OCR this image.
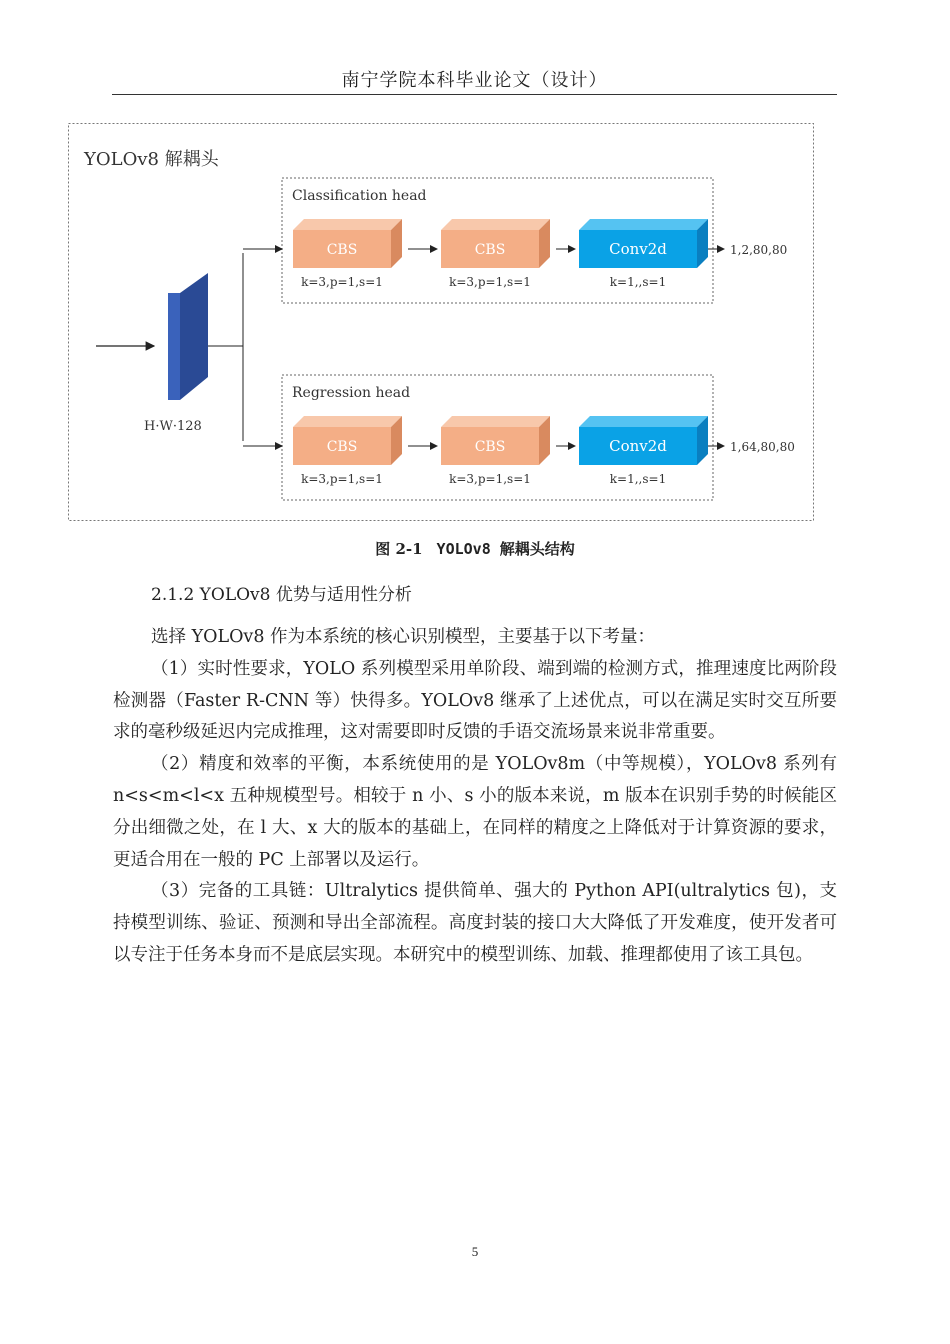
南宁学院本科毕业论文（设计）
YOLOv8 解耦头
H·W·128
Classification head
CBS
k=3,p=1,s=1
CBS
k=3,p=1,s=1
Conv2d
k=1,,s=1
1,2,80,80
Regression head
CBS
k=3,p=1,s=1
CBS
k=3,p=1,s=1
Conv2d
k=1,,s=1
1,64,80,80
图 2-1 YOLOv8 解耦头结构
2.1.2 YOLOv8 优势与适用性分析

选择 YOLOv8 作为本系统的核心识别模型，主要基于以下考量：

（1）实时性要求，YOLO 系列模型采用单阶段、端到端的检测方式，推理速度比两阶段检测器（Faster R-CNN 等）快得多。YOLOv8 继承了上述优点，可以在满足实时交互所要求的毫秒级延迟内完成推理，这对需要即时反馈的手语交流场景来说非常重要。

（2）精度和效率的平衡，本系统使用的是 YOLOv8m（中等规模），YOLOv8 系列有 n<s<m<l<x 五种规模型号。相较于 n 小、s 小的版本来说，m 版本在识别手势的时候能区分出细微之处，在 l 大、x 大的版本的基础上，在同样的精度之上降低对于计算资源的要求，更适合用在一般的 PC 上部署以及运行。

（3）完备的工具链：Ultralytics 提供简单、强大的 Python API(ultralytics 包)，支持模型训练、验证、预测和导出全部流程。高度封装的接口大大降低了开发难度，使开发者可以专注于任务本身而不是底层实现。本研究中的模型训练、加载、推理都使用了该工具包。

5
